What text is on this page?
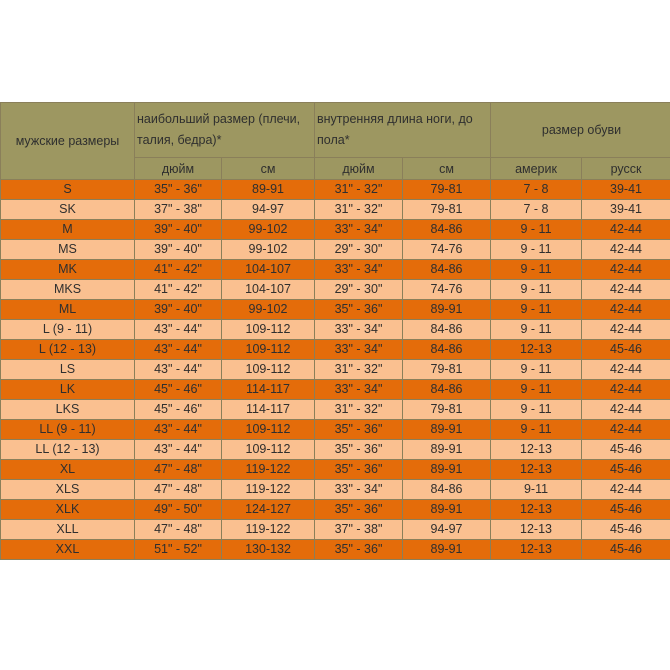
мужские размеры	наибольший размер (плечи, талия, бедра)*		внутренняя длина ноги, до пола*		размер обуви	
	дюйм	см	дюйм	см	америк	русск
S	35" - 36"	89-91	31" - 32"	79-81	7 - 8	39-41
SK	37" - 38"	94-97	31" - 32"	79-81	7 - 8	39-41
M	39" - 40"	99-102	33" - 34"	84-86	9 - 11	42-44
MS	39" - 40"	99-102	29" - 30"	74-76	9 - 11	42-44
MK	41" - 42"	104-107	33" - 34"	84-86	9 - 11	42-44
MKS	41" - 42"	104-107	29" - 30"	74-76	9 - 11	42-44
ML	39" - 40"	99-102	35" - 36"	89-91	9 - 11	42-44
L (9 - 11)	43" - 44"	109-112	33" - 34"	84-86	9 - 11	42-44
L (12 - 13)	43" - 44"	109-112	33" - 34"	84-86	12-13	45-46
LS	43" - 44"	109-112	31" - 32"	79-81	9 - 11	42-44
LK	45" - 46"	114-117	33" - 34"	84-86	9 - 11	42-44
LKS	45" - 46"	114-117	31" - 32"	79-81	9 - 11	42-44
LL (9 - 11)	43" - 44"	109-112	35" - 36"	89-91	9 - 11	42-44
LL (12 - 13)	43" - 44"	109-112	35" - 36"	89-91	12-13	45-46
XL	47" - 48"	119-122	35" - 36"	89-91	12-13	45-46
XLS	47" - 48"	119-122	33" - 34"	84-86	9-11	42-44
XLK	49" - 50"	124-127	35" - 36"	89-91	12-13	45-46
XLL	47" - 48"	119-122	37" - 38"	94-97	12-13	45-46
XXL	51" - 52"	130-132	35" - 36"	89-91	12-13	45-46
